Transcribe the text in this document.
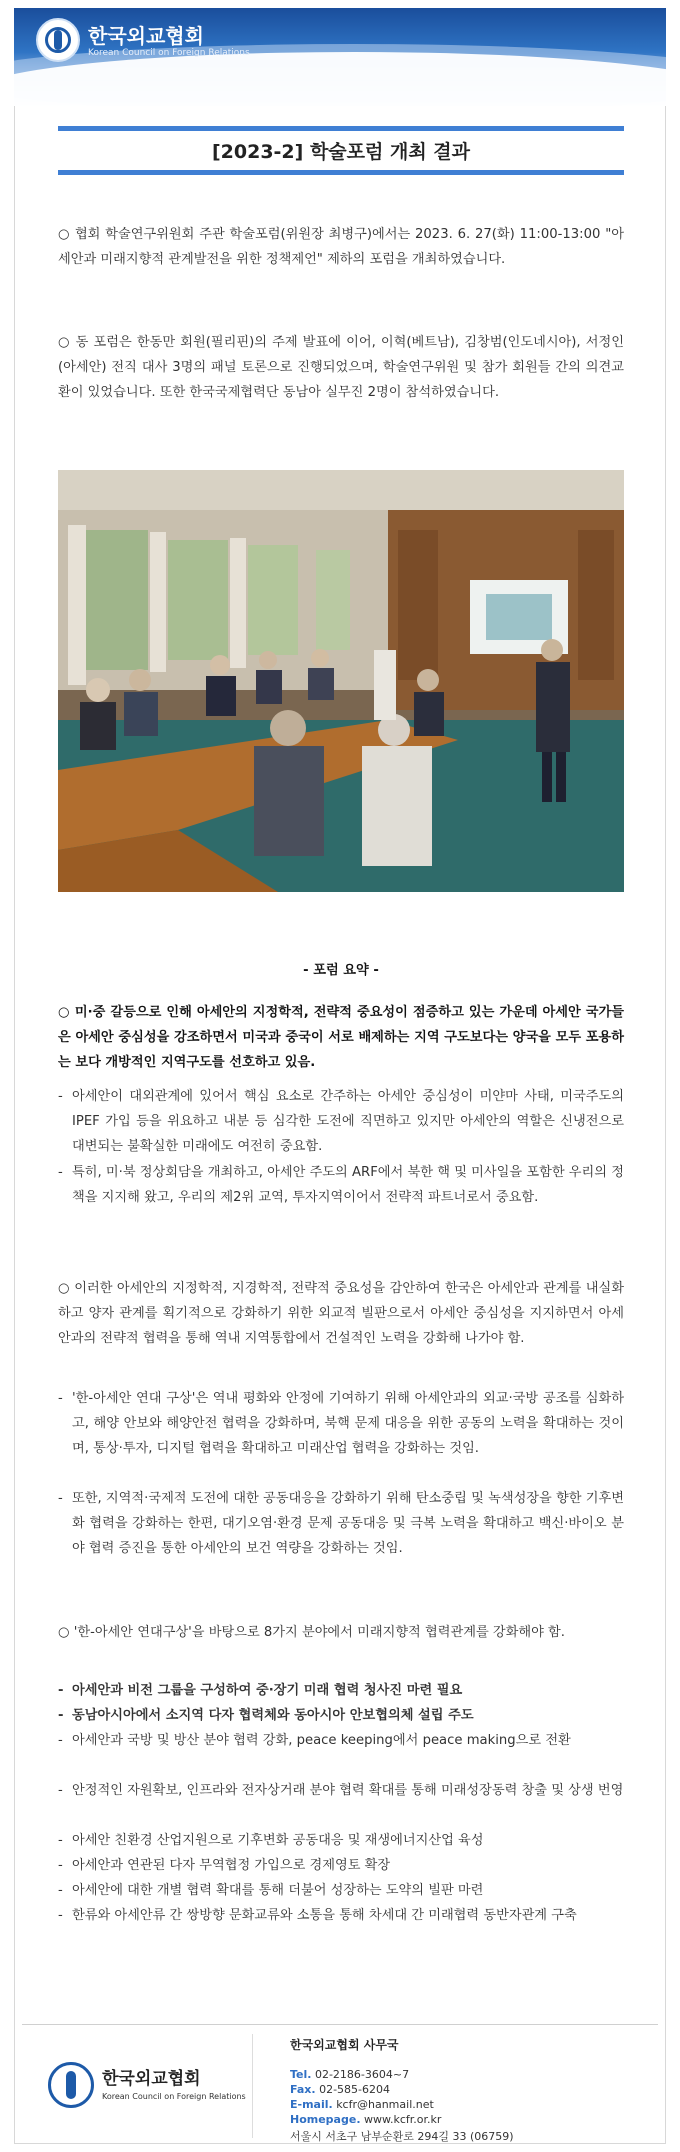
한국외교협회
Korean Council on Foreign Relations
[2023-2] 학술포럼 개최 결과

○ 협회 학술연구위원회 주관 학술포럼(위원장 최병구)에서는 2023. 6. 27(화) 11:00-13:00 "아세안과 미래지향적 관계발전을 위한 정책제언" 제하의 포럼을 개최하였습니다.

○ 동 포럼은 한동만 회원(필리핀)의 주제 발표에 이어, 이혁(베트남), 김창범(인도네시아), 서정인(아세안) 전직 대사 3명의 패널 토론으로 진행되었으며, 학술연구위원 및 참가 회원들 간의 의견교환이 있었습니다. 또한 한국국제협력단 동남아 실무진 2명이 참석하였습니다.

- 포럼 요약 -

○ 미·중 갈등으로 인해 아세안의 지정학적, 전략적 중요성이 점증하고 있는 가운데 아세안 국가들은 아세안 중심성을 강조하면서 미국과 중국이 서로 배제하는 지역 구도보다는 양국을 모두 포용하는 보다 개방적인 지역구도를 선호하고 있음.

- 아세안이 대외관계에 있어서 핵심 요소로 간주하는 아세안 중심성이 미얀마 사태, 미국주도의 IPEF 가입 등을 위요하고 내분 등 심각한 도전에 직면하고 있지만 아세안의 역할은 신냉전으로 대변되는 불확실한 미래에도 여전히 중요함.
- 특히, 미·북 정상회담을 개최하고, 아세안 주도의 ARF에서 북한 핵 및 미사일을 포함한 우리의 정책을 지지해 왔고, 우리의 제2위 교역, 투자지역이어서 전략적 파트너로서 중요함.

○ 이러한 아세안의 지정학적, 지경학적, 전략적 중요성을 감안하여 한국은 아세안과 관계를 내실화하고 양자 관계를 획기적으로 강화하기 위한 외교적 빌판으로서 아세안 중심성을 지지하면서 아세안과의 전략적 협력을 통해 역내 지역통합에서 건설적인 노력을 강화해 나가야 함.

- '한-아세안 연대 구상'은 역내 평화와 안정에 기여하기 위해 아세안과의 외교·국방 공조를 심화하고, 해양 안보와 해양안전 협력을 강화하며, 북핵 문제 대응을 위한 공동의 노력을 확대하는 것이며, 통상·투자, 디지털 협력을 확대하고 미래산업 협력을 강화하는 것임.
- 또한, 지역적·국제적 도전에 대한 공동대응을 강화하기 위해 탄소중립 및 녹색성장을 향한 기후변화 협력을 강화하는 한편, 대기오염·환경 문제 공동대응 및 극복 노력을 확대하고 백신·바이오 분야 협력 증진을 통한 아세안의 보건 역량을 강화하는 것임.

○ '한-아세안 연대구상'을 바탕으로 8가지 분야에서 미래지향적 협력관계를 강화해야 함.

- 아세안과 비전 그룹을 구성하여 중·장기 미래 협력 청사진 마련 필요
- 동남아시아에서 소지역 다자 협력체와 동아시아 안보협의체 설립 주도
- 아세안과 국방 및 방산 분야 협력 강화, peace keeping에서 peace making으로 전환
- 안정적인 자원확보, 인프라와 전자상거래 분야 협력 확대를 통해 미래성장동력 창출 및 상생 번영
- 아세안 친환경 산업지원으로 기후변화 공동대응 및 재생에너지산업 육성
- 아세안과 연관된 다자 무역협정 가입으로 경제영토 확장
- 아세안에 대한 개별 협력 확대를 통해 더불어 성장하는 도약의 빌판 마련
- 한류와 아세안류 간 쌍방향 문화교류와 소통을 통해 차세대 간 미래협력 동반자관계 구축
한국외교협회
Korean Council on Foreign Relations
한국외교협회 사무국
Tel. 02-2186-3604~7
Fax. 02-585-6204
E-mail. kcfr@hanmail.net
Homepage. www.kcfr.or.kr
서울시 서초구 남부순환로 294길 33 (06759)
